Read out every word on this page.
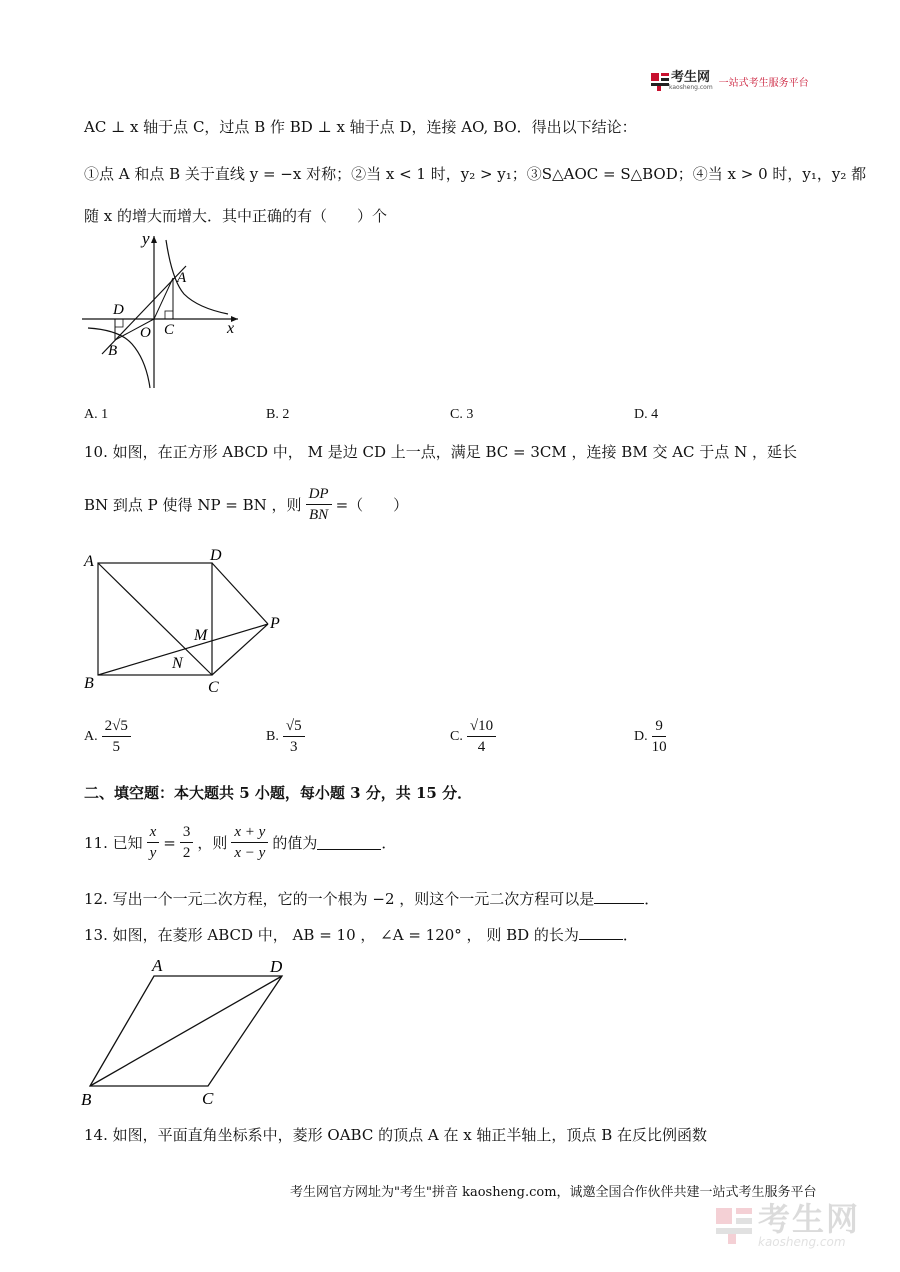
考生网
kaosheng.com 一站式考生服务平台
AC ⊥ x 轴于点 C，过点 B 作 BD ⊥ x 轴于点 D，连接 AO, BO．得出以下结论：
①点 A 和点 B 关于直线 y = −x 对称；②当 x < 1 时，y₂ > y₁；③S△AOC = S△BOD；④当 x > 0 时，y₁，y₂ 都
随 x 的增大而增大．其中正确的有（　　）个
y
x
A
B
C
D
O
A. 1	B. 2	C. 3	D. 4
10. 如图，在正方形 ABCD 中， M 是边 CD 上一点，满足 BC = 3CM ，连接 BM 交 AC 于点 N ，延长
BN 到点 P 使得 NP = BN ，则 $\frac{DP}{BN}$ =（　　）
A	D
B	C
M
N
P
A. $\frac{2√5}{5}$	B. $\frac{√5}{3}$	C. $\frac{√10}{4}$	D. $\frac{9}{10}$
二、填空题：本大题共 5 小题，每小题 3 分，共 15 分．
11. 已知 $\frac{x}{y} = \frac{3}{2}$ ，则 $\frac{x + y}{x - y}$ 的值为	．
12. 写出一个一元二次方程，它的一个根为 −2 ，则这个一元二次方程可以是	．
13. 如图，在菱形 ABCD 中， AB = 10 ， ∠A = 120° ， 则 BD 的长为	．
A	D
B	C
14. 如图，平面直角坐标系中，菱形 OABC 的顶点 A 在 x 轴正半轴上，顶点 B 在反比例函数
考生网官方网址为"考生"拼音 kaosheng.com，诚邀全国合作伙伴共建一站式考生服务平台
考生网
kaosheng.com
